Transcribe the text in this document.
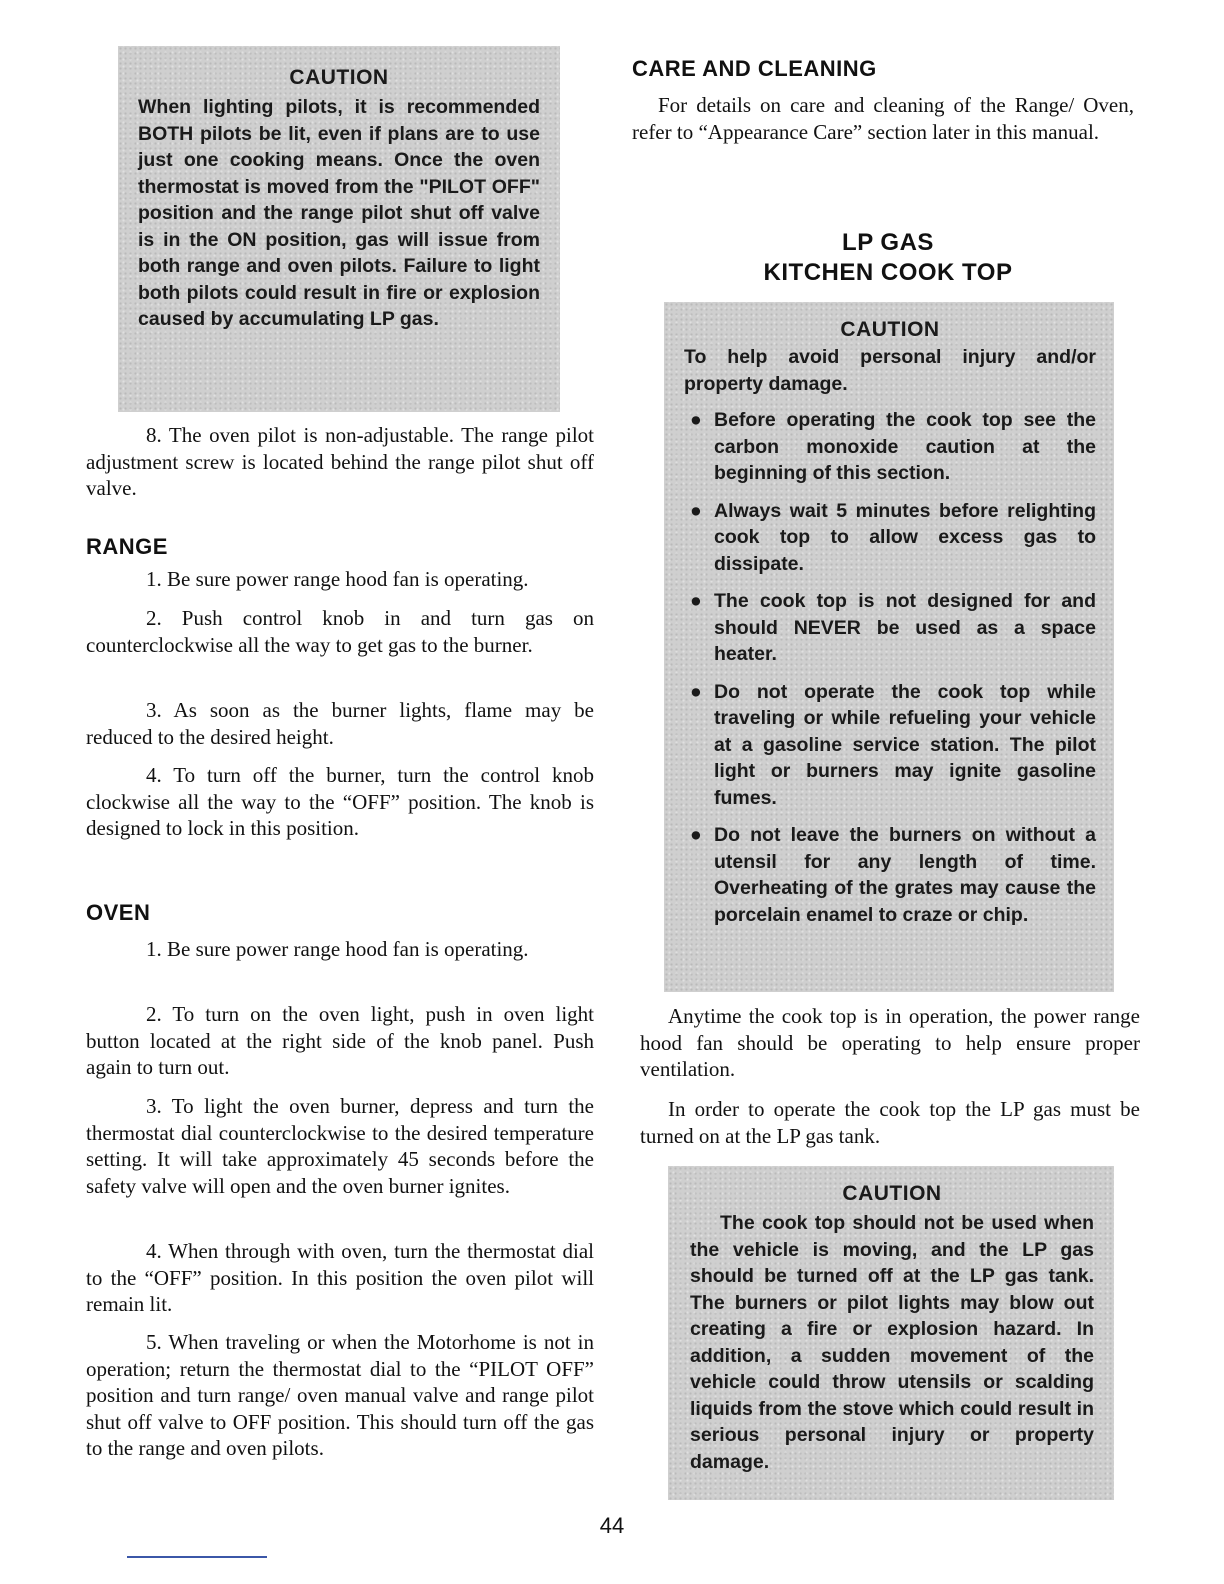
CAUTION

When lighting pilots, it is recommended BOTH pilots be lit, even if plans are to use just one cooking means. Once the oven thermostat is moved from the "PILOT OFF" position and the range pilot shut off valve is in the ON position, gas will issue from both range and oven pilots. Failure to light both pilots could result in fire or explosion caused by accumulating LP gas.

8. The oven pilot is non-adjustable. The range pilot adjustment screw is located behind the range pilot shut off valve.

RANGE

1. Be sure power range hood fan is operating.

2. Push control knob in and turn gas on counterclockwise all the way to get gas to the burner.

3. As soon as the burner lights, flame may be reduced to the desired height.

4. To turn off the burner, turn the control knob clockwise all the way to the “OFF” position. The knob is designed to lock in this position.

OVEN

1. Be sure power range hood fan is operating.

2. To turn on the oven light, push in oven light button located at the right side of the knob panel. Push again to turn out.

3. To light the oven burner, depress and turn the thermostat dial counterclockwise to the desired temperature setting. It will take approximately 45 seconds before the safety valve will open and the oven burner ignites.

4. When through with oven, turn the thermostat dial to the “OFF” position. In this position the oven pilot will remain lit.

5. When traveling or when the Motorhome is not in operation; return the thermostat dial to the “PILOT OFF” position and turn range/ oven manual valve and range pilot shut off valve to OFF position. This should turn off the gas to the range and oven pilots.

CARE AND CLEANING

For details on care and cleaning of the Range/ Oven, refer to “Appearance Care” section later in this manual.

LP GAS
KITCHEN COOK TOP
CAUTION

To help avoid personal injury and/or property damage.

● Before operating the cook top see the carbon monoxide caution at the beginning of this section.
● Always wait 5 minutes before relighting cook top to allow excess gas to dissipate.
● The cook top is not designed for and should NEVER be used as a space heater.
● Do not operate the cook top while traveling or while refueling your vehicle at a gasoline service station. The pilot light or burners may ignite gasoline fumes.
● Do not leave the burners on without a utensil for any length of time. Overheating of the grates may cause the porcelain enamel to craze or chip.

Anytime the cook top is in operation, the power range hood fan should be operating to help ensure proper ventilation.

In order to operate the cook top the LP gas must be turned on at the LP gas tank.

CAUTION

The cook top should not be used when the vehicle is moving, and the LP gas should be turned off at the LP gas tank. The burners or pilot lights may blow out creating a fire or explosion hazard. In addition, a sudden movement of the vehicle could throw utensils or scalding liquids from the stove which could result in serious personal injury or property damage.

44
